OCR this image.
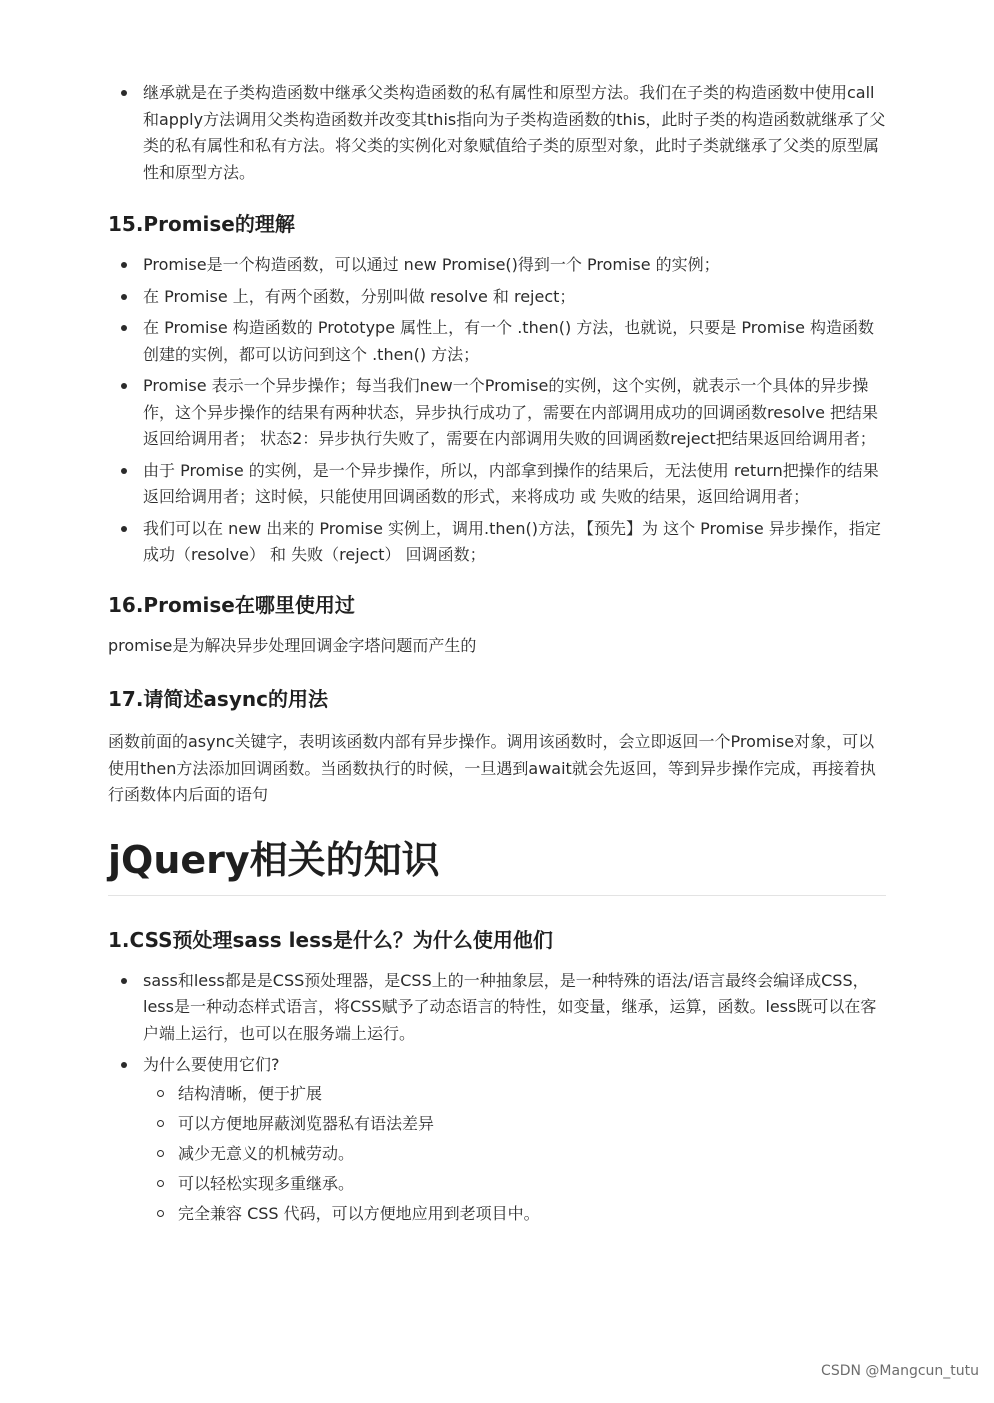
继承就是在子类构造函数中继承父类构造函数的私有属性和原型方法。我们在子类的构造函数中使用call和apply方法调用父类构造函数并改变其this指向为子类构造函数的this，此时子类的构造函数就继承了父类的私有属性和私有方法。将父类的实例化对象赋值给子类的原型对象，此时子类就继承了父类的原型属性和原型方法。
15.Promise的理解
Promise是一个构造函数，可以通过 new Promise()得到一个 Promise 的实例；
在 Promise 上，有两个函数，分别叫做 resolve 和 reject；
在 Promise 构造函数的 Prototype 属性上，有一个 .then() 方法，也就说，只要是 Promise 构造函数创建的实例，都可以访问到这个 .then() 方法；
Promise 表示一个异步操作；每当我们new一个Promise的实例，这个实例，就表示一个具体的异步操作，这个异步操作的结果有两种状态，异步执行成功了，需要在内部调用成功的回调函数resolve 把结果返回给调用者； 状态2：异步执行失败了，需要在内部调用失败的回调函数reject把结果返回给调用者；
由于 Promise 的实例，是一个异步操作，所以，内部拿到操作的结果后，无法使用 return把操作的结果返回给调用者；这时候，只能使用回调函数的形式，来将成功 或 失败的结果，返回给调用者；
我们可以在 new 出来的 Promise 实例上，调用.then()方法，【预先】为 这个 Promise 异步操作，指定成功（resolve） 和 失败（reject） 回调函数；
16.Promise在哪里使用过

promise是为解决异步处理回调金字塔问题而产生的

17.请简述async的用法

函数前面的async关键字，表明该函数内部有异步操作。调用该函数时，会立即返回一个Promise对象，可以使用then方法添加回调函数。当函数执行的时候，一旦遇到await就会先返回，等到异步操作完成，再接着执行函数体内后面的语句

jQuery相关的知识
1.CSS预处理sass less是什么？为什么使用他们
sass和less都是是CSS预处理器，是CSS上的一种抽象层，是一种特殊的语法/语言最终会编译成CSS，less是一种动态样式语言，将CSS赋予了动态语言的特性，如变量，继承，运算，函数。less既可以在客户端上运行，也可以在服务端上运行。
为什么要使用它们?
结构清晰，便于扩展
可以方便地屏蔽浏览器私有语法差异
减少无意义的机械劳动。
可以轻松实现多重继承。
完全兼容 CSS 代码，可以方便地应用到老项目中。
CSDN @Mangcun_tutu
